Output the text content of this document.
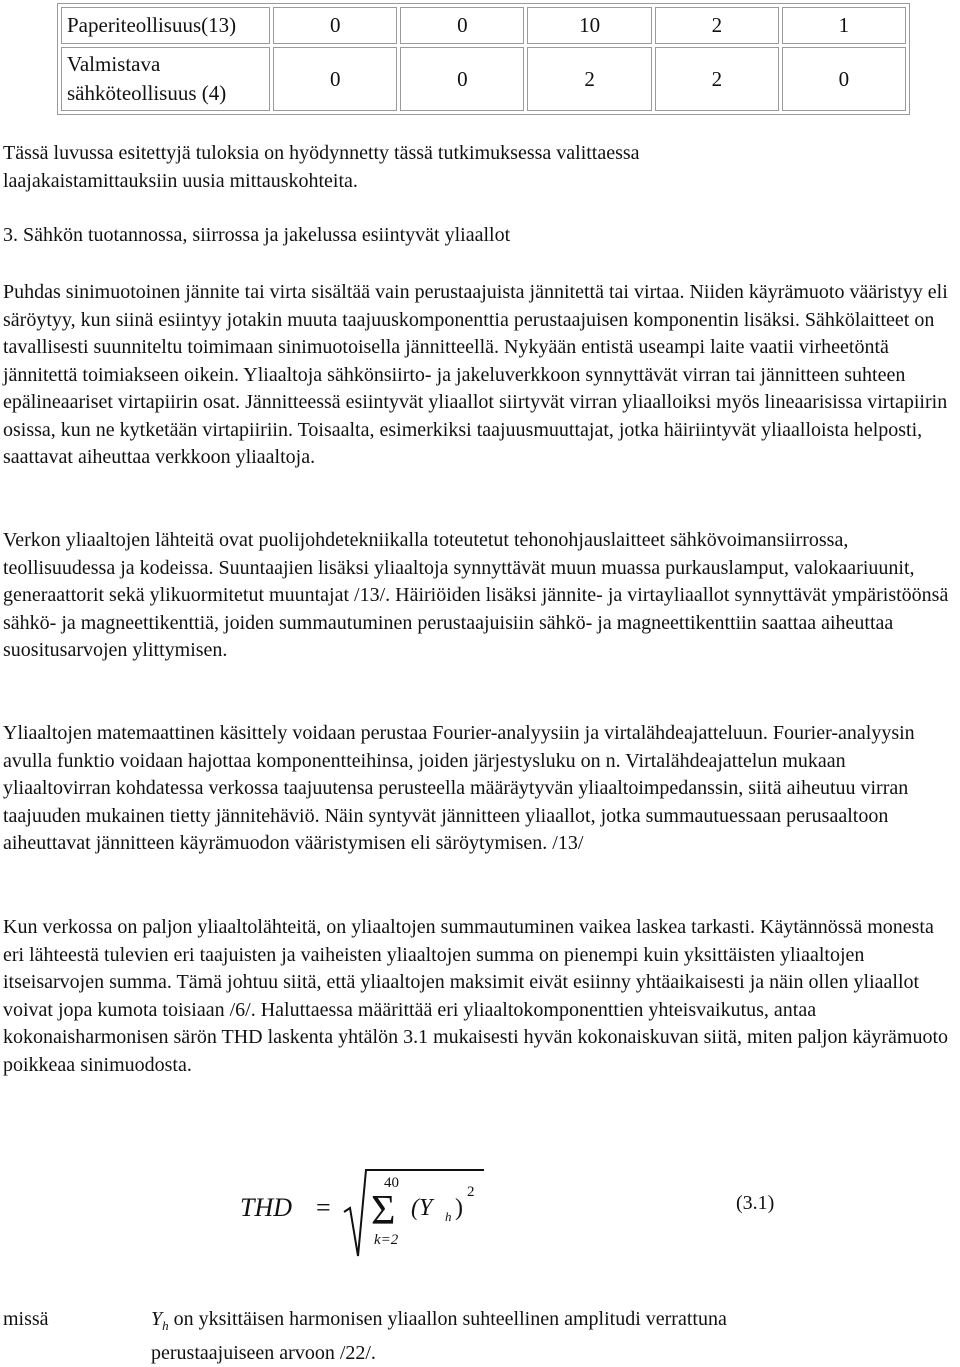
Paperiteollisuus(13)	0	0	10	2	1
Valmistava
sähköteollisuus (4)	0	0	2	2	0

Tässä luvussa esitettyjä tuloksia on hyödynnetty tässä tutkimuksessa valittaessa laajakaistamittauksiin uusia mittauskohteita.

3. Sähkön tuotannossa, siirrossa ja jakelussa esiintyvät yliaallot

Puhdas sinimuotoinen jännite tai virta sisältää vain perustaajuista jännitettä tai virtaa. Niiden käyrämuoto vääristyy eli säröytyy, kun siinä esiintyy jotakin muuta taajuuskomponenttia perustaajuisen komponentin lisäksi. Sähkölaitteet on tavallisesti suunniteltu toimimaan sinimuotoisella jännitteellä. Nykyään entistä useampi laite vaatii virheetöntä jännitettä toimiakseen oikein. Yliaaltoja sähkönsiirto- ja jakeluverkkoon synnyttävät virran tai jännitteen suhteen epälineaariset virtapiirin osat. Jännitteessä esiintyvät yliaallot siirtyvät virran yliaalloiksi myös lineaarisissa virtapiirin osissa, kun ne kytketään virtapiiriin. Toisaalta, esimerkiksi taajuusmuuttajat, jotka häiriintyvät yliaalloista helposti, saattavat aiheuttaa verkkoon yliaaltoja.

Verkon yliaaltojen lähteitä ovat puolijohdetekniikalla toteutetut tehonohjauslaitteet sähkövoimansiirrossa, teollisuudessa ja kodeissa. Suuntaajien lisäksi yliaaltoja synnyttävät muun muassa purkauslamput, valokaariuunit, generaattorit sekä ylikuormitetut muuntajat /13/. Häiriöiden lisäksi jännite- ja virtayliaallot synnyttävät ympäristöönsä sähkö- ja magneettikenttiä, joiden summautuminen perustaajuisiin sähkö- ja magneettikenttiin saattaa aiheuttaa suositusarvojen ylittymisen.

Yliaaltojen matemaattinen käsittely voidaan perustaa Fourier-analyysiin ja virtalähdeajatteluun. Fourier-analyysin avulla funktio voidaan hajottaa komponentteihinsa, joiden järjestysluku on n. Virtalähdeajattelun mukaan yliaaltovirran kohdatessa verkossa taajuutensa perusteella määräytyvän yliaaltoimpedanssin, siitä aiheutuu virran taajuuden mukainen tietty jännitehäviö. Näin syntyvät jännitteen yliaallot, jotka summautuessaan perusaaltoon aiheuttavat jännitteen käyrämuodon vääristymisen eli säröytymisen. /13/

Kun verkossa on paljon yliaaltolähteitä, on yliaaltojen summautuminen vaikea laskea tarkasti. Käytännössä monesta eri lähteestä tulevien eri taajuisten ja vaiheisten yliaaltojen summa on pienempi kuin yksittäisten yliaaltojen itseisarvojen summa. Tämä johtuu siitä, että yliaaltojen maksimit eivät esiinny yhtäaikaisesti ja näin ollen yliaallot voivat jopa kumota toisiaan /6/. Haluttaessa määrittää eri yliaaltokomponenttien yhteisvaikutus, antaa kokonaisharmonisen särön THD laskenta yhtälön 3.1 mukaisesti hyvän kokonaiskuvan siitä, miten paljon käyrämuoto poikkeaa sinimuodosta.

THD =
40
Σ
k=2
(Y h )
2	(3.1)
missä	$Y_h$ on yksittäisen harmonisen yliaallon suhteellinen amplitudi verrattuna
perustaajuiseen arvoon /22/.
